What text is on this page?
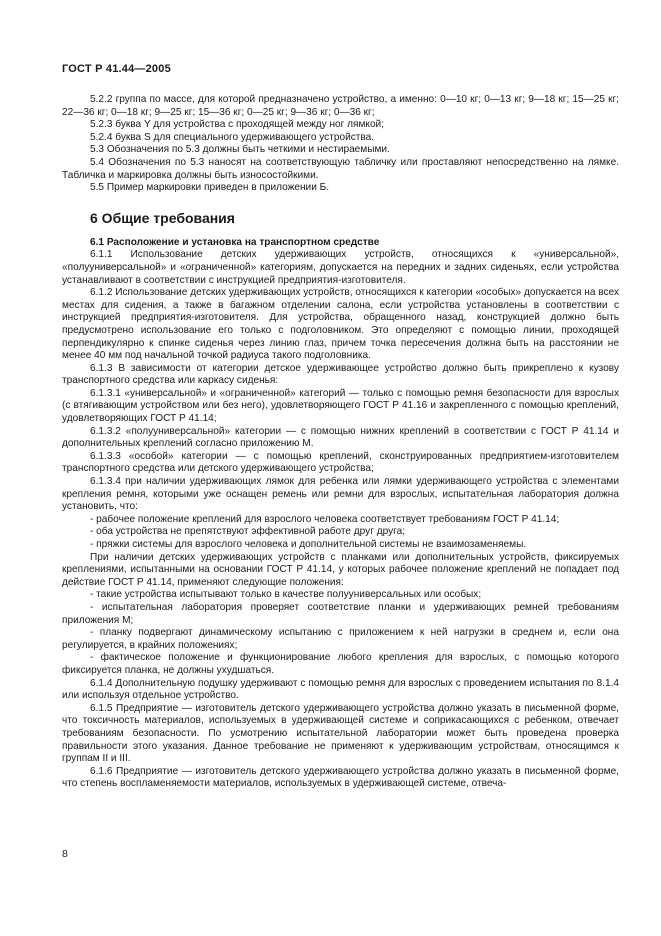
ГОСТ Р 41.44—2005

5.2.2 группа по массе, для которой предназначено устройство, а именно: 0—10 кг; 0—13 кг; 9—18 кг; 15—25 кг; 22—36 кг; 0—18 кг; 9—25 кг; 15—36 кг; 0—25 кг; 9—36 кг; 0—36 кг;

5.2.3 буква Y для устройства с проходящей между ног лямкой;

5.2.4 буква S для специального удерживающего устройства.

5.3 Обозначения по 5.3 должны быть четкими и нестираемыми.

5.4 Обозначения по 5.3 наносят на соответствующую табличку или проставляют непосредственно на лямке. Табличка и маркировка должны быть износостойкими.

5.5 Пример маркировки приведен в приложении Б.

6 Общие требования

6.1 Расположение и установка на транспортном средстве

6.1.1 Использование детских удерживающих устройств, относящихся к «универсальной», «полууниверсальной» и «ограниченной» категориям, допускается на передних и задних сиденьях, если устройства устанавливают в соответствии с инструкцией предприятия-изготовителя.

6.1.2 Использование детских удерживающих устройств, относящихся к категории «особых» допускается на всех местах для сидения, а также в багажном отделении салона, если устройства установлены в соответствии с инструкцией предприятия-изготовителя. Для устройства, обращенного назад, конструкцией должно быть предусмотрено использование его только с подголовником. Это определяют с помощью линии, проходящей перпендикулярно к спинке сиденья через линию глаз, причем точка пересечения должна быть на расстоянии не менее 40 мм под начальной точкой радиуса такого подголовника.

6.1.3 В зависимости от категории детское удерживающее устройство должно быть прикреплено к кузову транспортного средства или каркасу сиденья:

6.1.3.1 «универсальной» и «ограниченной» категорий — только с помощью ремня безопасности для взрослых (с втягивающим устройством или без него), удовлетворяющего ГОСТ Р 41.16 и закрепленного с помощью креплений, удовлетворяющих ГОСТ Р 41.14;

6.1.3.2 «полууниверсальной» категории — с помощью нижних креплений в соответствии с ГОСТ Р 41.14 и дополнительных креплений согласно приложению М.

6.1.3.3 «особой» категории — с помощью креплений, сконструированных предприятием-изготовителем транспортного средства или детского удерживающего устройства;

6.1.3.4 при наличии удерживающих лямок для ребенка или лямки удерживающего устройства с элементами крепления ремня, которыми уже оснащен ремень или ремни для взрослых, испытательная лаборатория должна установить, что:

- рабочее положение креплений для взрослого человека соответствует требованиям ГОСТ Р 41.14;

- оба устройства не препятствуют эффективной работе друг друга;

- пряжки системы для взрослого человека и дополнительной системы не взаимозаменяемы.

При наличии детских удерживающих устройств с планками или дополнительных устройств, фиксируемых креплениями, испытанными на основании ГОСТ Р 41.14, у которых рабочее положение креплений не попадает под действие ГОСТ Р 41.14, применяют следующие положения:

- такие устройства испытывают только в качестве полууниверсальных или особых;

- испытательная лаборатория проверяет соответствие планки и удерживающих ремней требованиям приложения М;

- планку подвергают динамическому испытанию с приложением к ней нагрузки в среднем и, если она регулируется, в крайних положениях;

- фактическое положение и функционирование любого крепления для взрослых, с помощью которого фиксируется планка, не должны ухудшаться.

6.1.4 Дополнительную подушку удерживают с помощью ремня для взрослых с проведением испытания по 8.1.4 или используя отдельное устройство.

6.1.5 Предприятие — изготовитель детского удерживающего устройства должно указать в письменной форме, что токсичность материалов, используемых в удерживающей системе и соприкасающихся с ребенком, отвечает требованиям безопасности. По усмотрению испытательной лаборатории может быть проведена проверка правильности этого указания. Данное требование не применяют к удерживающим устройствам, относящимся к группам II и III.

6.1.6 Предприятие — изготовитель детского удерживающего устройства должно указать в письменной форме, что степень воспламеняемости материалов, используемых в удерживающей системе, отвеча-

8
